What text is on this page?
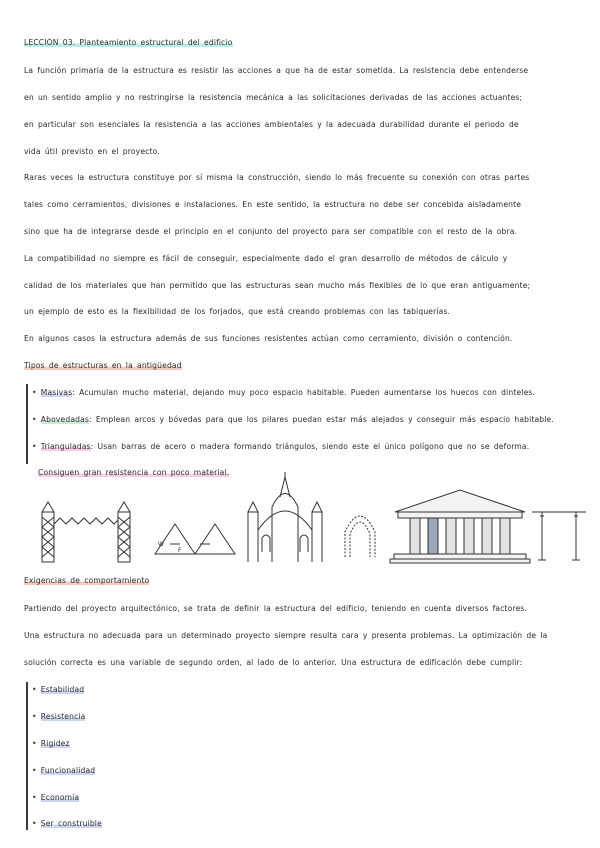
LECCIÓN 03. Planteamiento estructural del edificio
La función primaria de la estructura es resistir las acciones a que ha de estar sometida. La resistencia debe entenderse
en un sentido amplio y no restringirse la resistencia mecánica a las solicitaciones derivadas de las acciones actuantes;
en particular son esenciales la resistencia a las acciones ambientales y la adecuada durabilidad durante el periodo de
vida útil previsto en el proyecto.
Raras veces la estructura constituye por sí misma la construcción, siendo lo más frecuente su conexión con otras partes
tales como cerramientos, divisiones e instalaciones. En este sentido, la estructura no debe ser concebida aisladamente
sino que ha de integrarse desde el principio en el conjunto del proyecto para ser compatible con el resto de la obra.
La compatibilidad no siempre es fácil de conseguir, especialmente dado el gran desarrollo de métodos de cálculo y
calidad de los materiales que han permitido que las estructuras sean mucho más flexibles de lo que eran antiguamente;
un ejemplo de esto es la flexibilidad de los forjados, que está creando problemas con las tabiquerías.
En algunos casos la estructura además de sus funciones resistentes actúan como cerramiento, división o contención.
Tipos de estructuras en la antigüedad
• Masivas: Acumulan mucho material, dejando muy poco espacio habitable. Pueden aumentarse los huecos con dinteles.
• Abovedadas: Emplean arcos y bóvedas para que los pilares puedan estar más alejados y conseguir más espacio habitable.
• Trianguladas: Usan barras de acero o madera formando triángulos, siendo este el único polígono que no se deforma.
Consiguen gran resistencia con poco material.
W
F
Exigencias de comportamiento
Partiendo del proyecto arquitectónico, se trata de definir la estructura del edificio, teniendo en cuenta diversos factores.
Una estructura no adecuada para un determinado proyecto siempre resulta cara y presenta problemas. La optimización de la
solución correcta es una variable de segundo orden, al lado de lo anterior. Una estructura de edificación debe cumplir:
• Estabilidad
• Resistencia
• Rigidez
• Funcionalidad
• Economía
• Ser construible
